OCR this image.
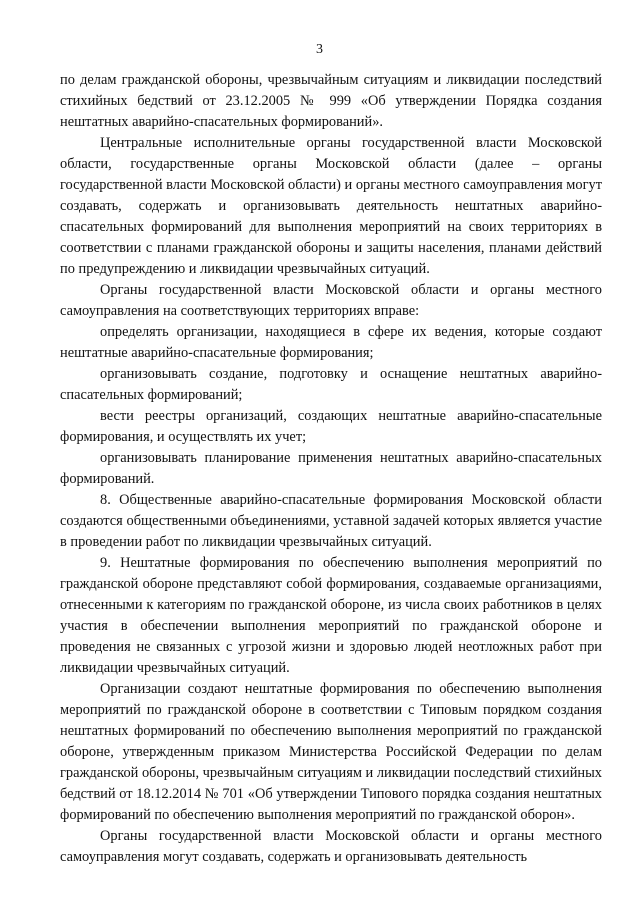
3

по делам гражданской обороны, чрезвычайным ситуациям и ликвидации последствий стихийных бедствий от 23.12.2005 № 999 «Об утверждении Порядка создания нештатных аварийно-спасательных формирований».

Центральные исполнительные органы государственной власти Московской области, государственные органы Московской области (далее – органы государственной власти Московской области) и органы местного самоуправления могут создавать, содержать и организовывать деятельность нештатных аварийно-спасательных формирований для выполнения мероприятий на своих территориях в соответствии с планами гражданской обороны и защиты населения, планами действий по предупреждению и ликвидации чрезвычайных ситуаций.

Органы государственной власти Московской области и органы местного самоуправления на соответствующих территориях вправе:

определять организации, находящиеся в сфере их ведения, которые создают нештатные аварийно-спасательные формирования;

организовывать создание, подготовку и оснащение нештатных аварийно-спасательных формирований;

вести реестры организаций, создающих нештатные аварийно-спасательные формирования, и осуществлять их учет;

организовывать планирование применения нештатных аварийно-спасательных формирований.

8. Общественные аварийно-спасательные формирования Московской области создаются общественными объединениями, уставной задачей которых является участие в проведении работ по ликвидации чрезвычайных ситуаций.

9. Нештатные формирования по обеспечению выполнения мероприятий по гражданской обороне представляют собой формирования, создаваемые организациями, отнесенными к категориям по гражданской обороне, из числа своих работников в целях участия в обеспечении выполнения мероприятий по гражданской обороне и проведения не связанных с угрозой жизни и здоровью людей неотложных работ при ликвидации чрезвычайных ситуаций.

Организации создают нештатные формирования по обеспечению выполнения мероприятий по гражданской обороне в соответствии с Типовым порядком создания нештатных формирований по обеспечению выполнения мероприятий по гражданской обороне, утвержденным приказом Министерства Российской Федерации по делам гражданской обороны, чрезвычайным ситуациям и ликвидации последствий стихийных бедствий от 18.12.2014 № 701 «Об утверждении Типового порядка создания нештатных формирований по обеспечению выполнения мероприятий по гражданской оборон».

Органы государственной власти Московской области и органы местного самоуправления могут создавать, содержать и организовывать деятельность
